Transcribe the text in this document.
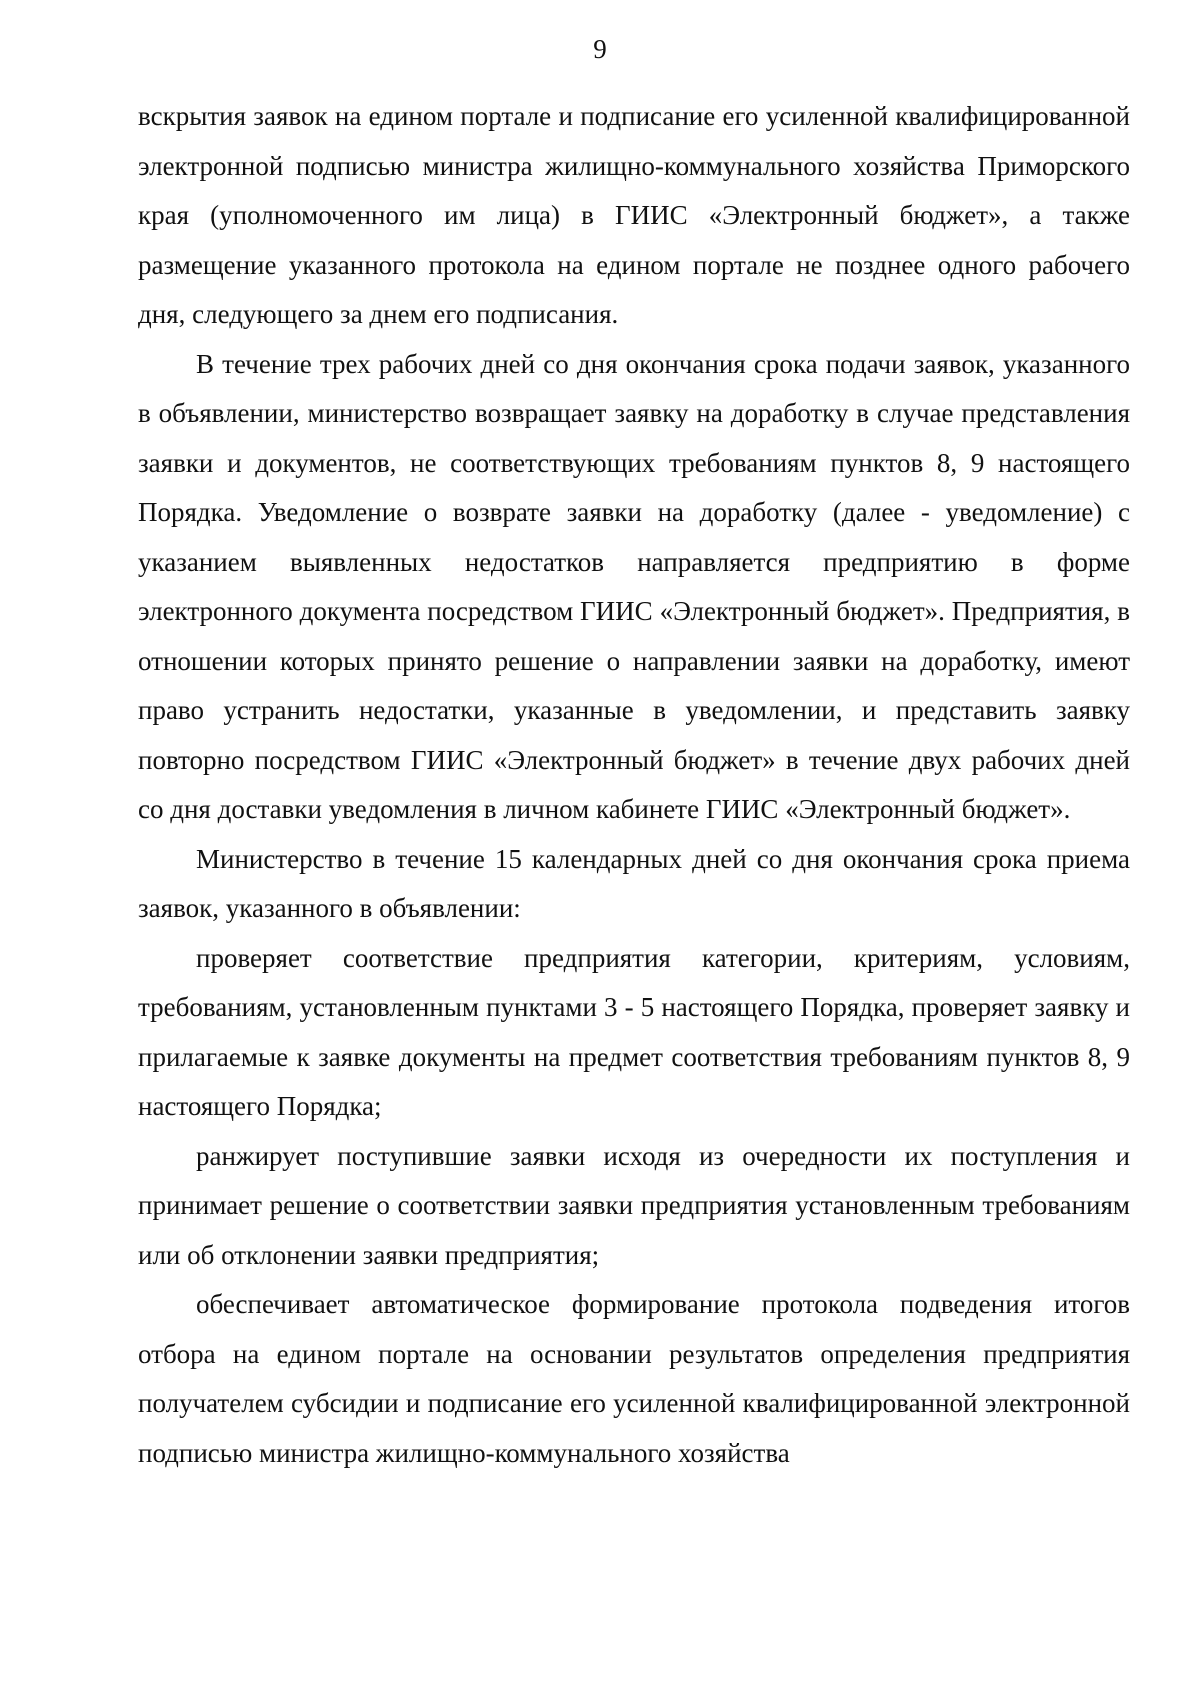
9

вскрытия заявок на едином портале и подписание его усиленной квалифицированной электронной подписью министра жилищно-коммунального хозяйства Приморского края (уполномоченного им лица) в ГИИС «Электронный бюджет», а также размещение указанного протокола на едином портале не позднее одного рабочего дня, следующего за днем его подписания.

В течение трех рабочих дней со дня окончания срока подачи заявок, указанного в объявлении, министерство возвращает заявку на доработку в случае представления заявки и документов, не соответствующих требованиям пунктов 8, 9 настоящего Порядка. Уведомление о возврате заявки на доработку (далее - уведомление) с указанием выявленных недостатков направляется предприятию в форме электронного документа посредством ГИИС «Электронный бюджет». Предприятия, в отношении которых принято решение о направлении заявки на доработку, имеют право устранить недостатки, указанные в уведомлении, и представить заявку повторно посредством ГИИС «Электронный бюджет» в течение двух рабочих дней со дня доставки уведомления в личном кабинете ГИИС «Электронный бюджет».

Министерство в течение 15 календарных дней со дня окончания срока приема заявок, указанного в объявлении:

проверяет соответствие предприятия категории, критериям, условиям, требованиям, установленным пунктами 3 - 5 настоящего Порядка, проверяет заявку и прилагаемые к заявке документы на предмет соответствия требованиям пунктов 8, 9 настоящего Порядка;

ранжирует поступившие заявки исходя из очередности их поступления и принимает решение о соответствии заявки предприятия установленным требованиям или об отклонении заявки предприятия;

обеспечивает автоматическое формирование протокола подведения итогов отбора на едином портале на основании результатов определения предприятия получателем субсидии и подписание его усиленной квалифицированной электронной подписью министра жилищно-коммунального хозяйства
